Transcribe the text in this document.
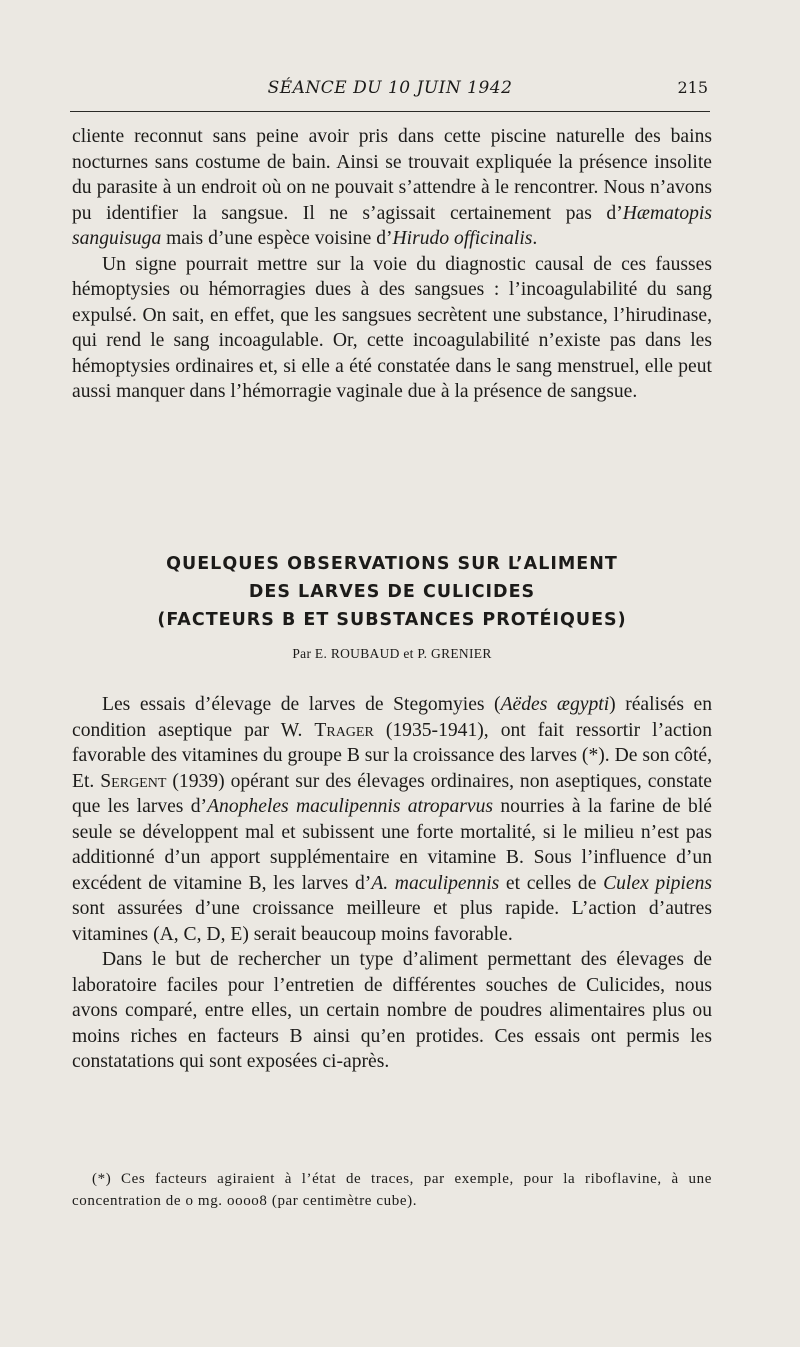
SÉANCE DU 10 JUIN 1942	215

cliente reconnut sans peine avoir pris dans cette piscine naturelle des bains nocturnes sans costume de bain. Ainsi se trouvait expliquée la présence insolite du parasite à un endroit où on ne pouvait s’attendre à le rencontrer. Nous n’avons pu identifier la sangsue. Il ne s’agissait certainement pas d’Hæmatopis sanguisuga mais d’une espèce voisine d’Hirudo officinalis.

Un signe pourrait mettre sur la voie du diagnostic causal de ces fausses hémoptysies ou hémorragies dues à des sangsues : l’incoagulabilité du sang expulsé. On sait, en effet, que les sangsues secrètent une substance, l’hirudinase, qui rend le sang incoagulable. Or, cette incoagulabilité n’existe pas dans les hémoptysies ordinaires et, si elle a été constatée dans le sang menstruel, elle peut aussi manquer dans l’hémorragie vaginale due à la présence de sangsue.

QUELQUES OBSERVATIONS SUR L’ALIMENT
DES LARVES DE CULICIDES
(FACTEURS B ET SUBSTANCES PROTÉIQUES)
Par E. ROUBAUD et P. GRENIER

Les essais d’élevage de larves de Stegomyies (Aëdes ægypti) réalisés en condition aseptique par W. Trager (1935-1941), ont fait ressortir l’action favorable des vitamines du groupe B sur la croissance des larves (*). De son côté, Et. Sergent (1939) opérant sur des élevages ordinaires, non aseptiques, constate que les larves d’Anopheles maculipennis atroparvus nourries à la farine de blé seule se développent mal et subissent une forte mortalité, si le milieu n’est pas additionné d’un apport supplémentaire en vitamine B. Sous l’influence d’un excédent de vitamine B, les larves d’A. maculipennis et celles de Culex pipiens sont assurées d’une croissance meilleure et plus rapide. L’action d’autres vitamines (A, C, D, E) serait beaucoup moins favorable.

Dans le but de rechercher un type d’aliment permettant des élevages de laboratoire faciles pour l’entretien de différentes souches de Culicides, nous avons comparé, entre elles, un certain nombre de poudres alimentaires plus ou moins riches en facteurs B ainsi qu’en protides. Ces essais ont permis les constatations qui sont exposées ci-après.

(*) Ces facteurs agiraient à l’état de traces, par exemple, pour la riboflavine, à une concentration de o mg. oooo8 (par centimètre cube).
